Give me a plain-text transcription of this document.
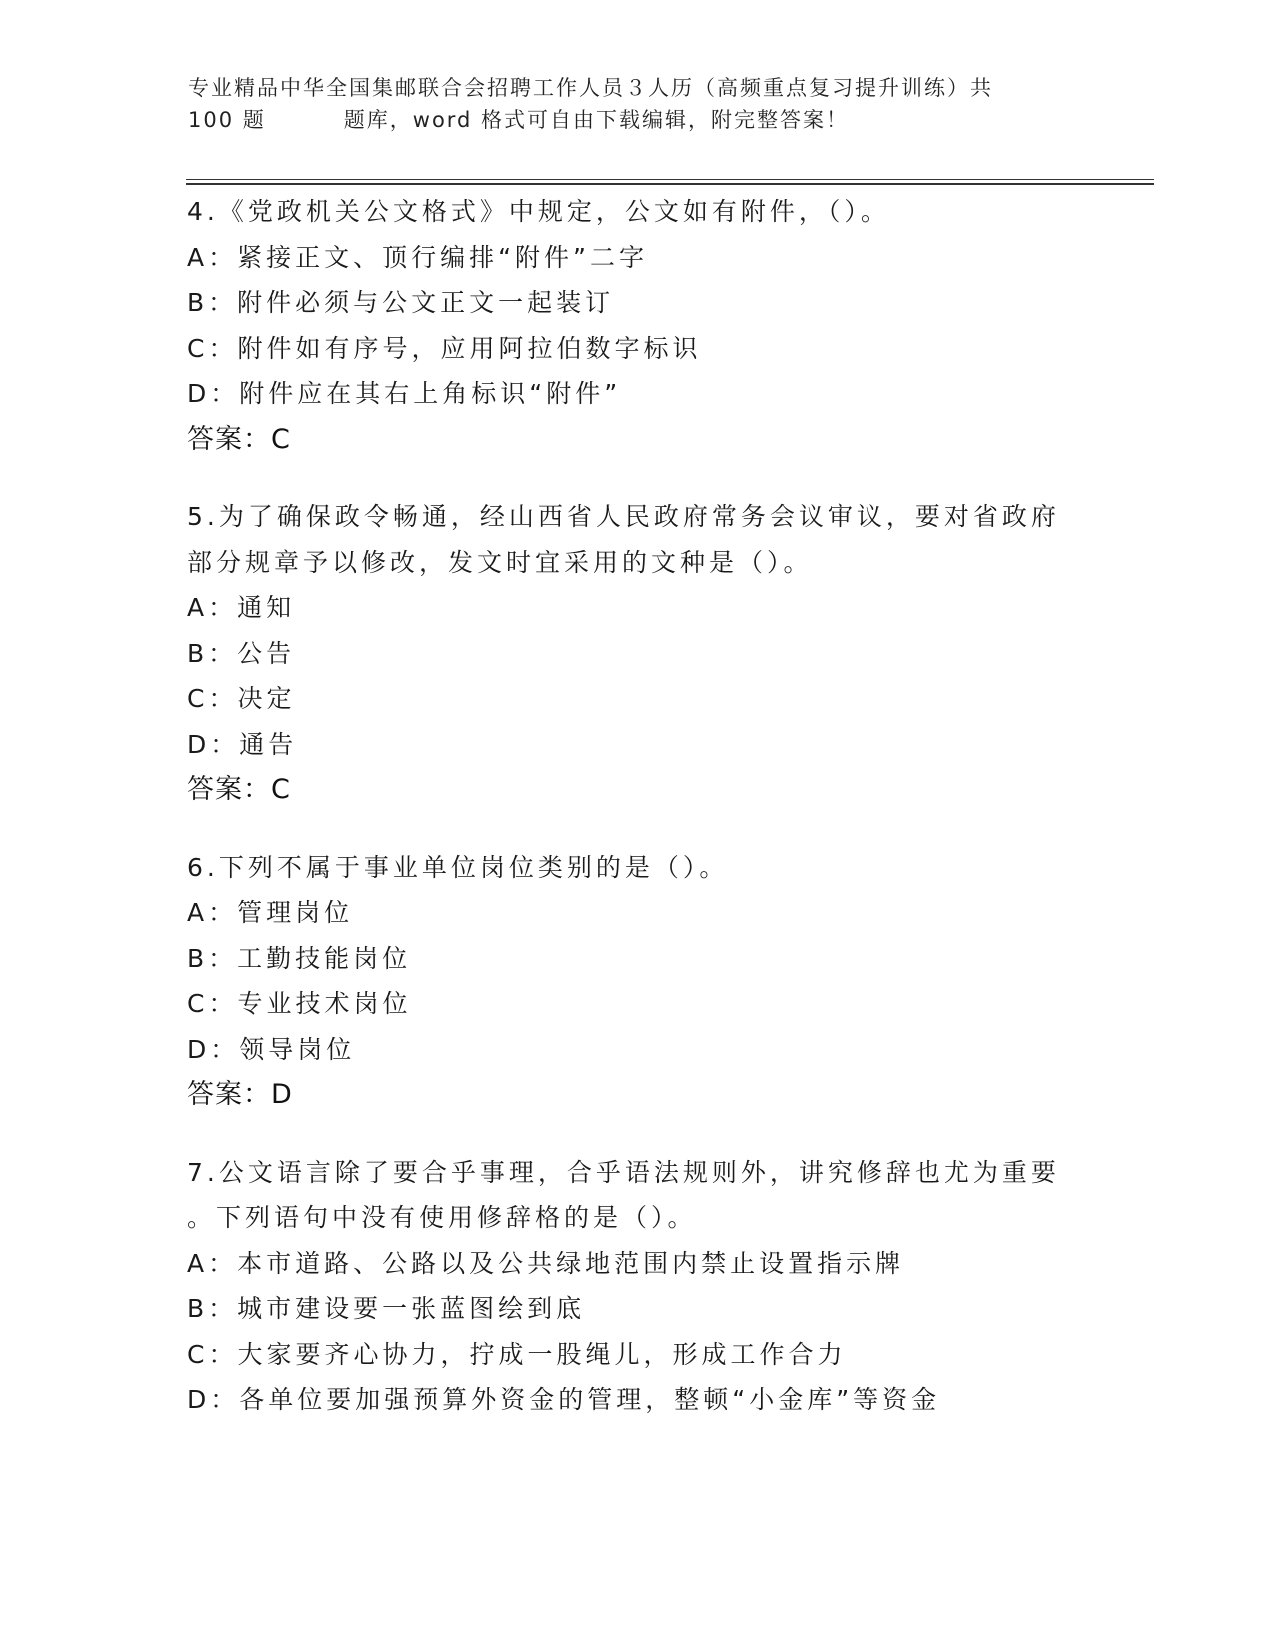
专业精品中华全国集邮联合会招聘工作人员３人历（高频重点复习提升训练）共

100 题	题库，word 格式可自由下载编辑，附完整答案！
4.《党政机关公文格式》中规定，公文如有附件，（）。
A：紧接正文、顶行编排“附件”二字
B：附件必须与公文正文一起装订
C：附件如有序号，应用阿拉伯数字标识
D：附件应在其右上角标识“附件”
答案：C
5.为了确保政令畅通，经山西省人民政府常务会议审议，要对省政府
部分规章予以修改，发文时宜采用的文种是（）。
A：通知
B：公告
C：决定
D：通告
答案：C
6.下列不属于事业单位岗位类别的是（）。
A：管理岗位
B：工勤技能岗位
C：专业技术岗位
D：领导岗位
答案：D
7.公文语言除了要合乎事理，合乎语法规则外，讲究修辞也尤为重要
。下列语句中没有使用修辞格的是（）。
A：本市道路、公路以及公共绿地范围内禁止设置指示牌
B：城市建设要一张蓝图绘到底
C：大家要齐心协力，拧成一股绳儿，形成工作合力
D：各单位要加强预算外资金的管理，整顿“小金库”等资金
